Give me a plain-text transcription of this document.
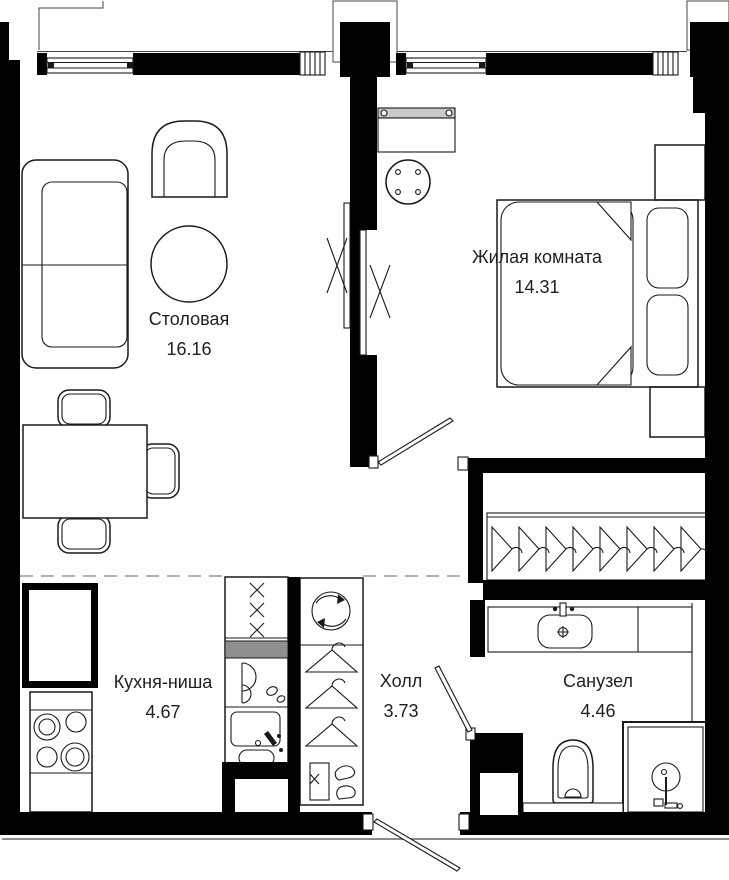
Столовая
16.16
Жилая комната
14.31
Кухня-ниша
4.67
Холл
3.73
Санузел
4.46
